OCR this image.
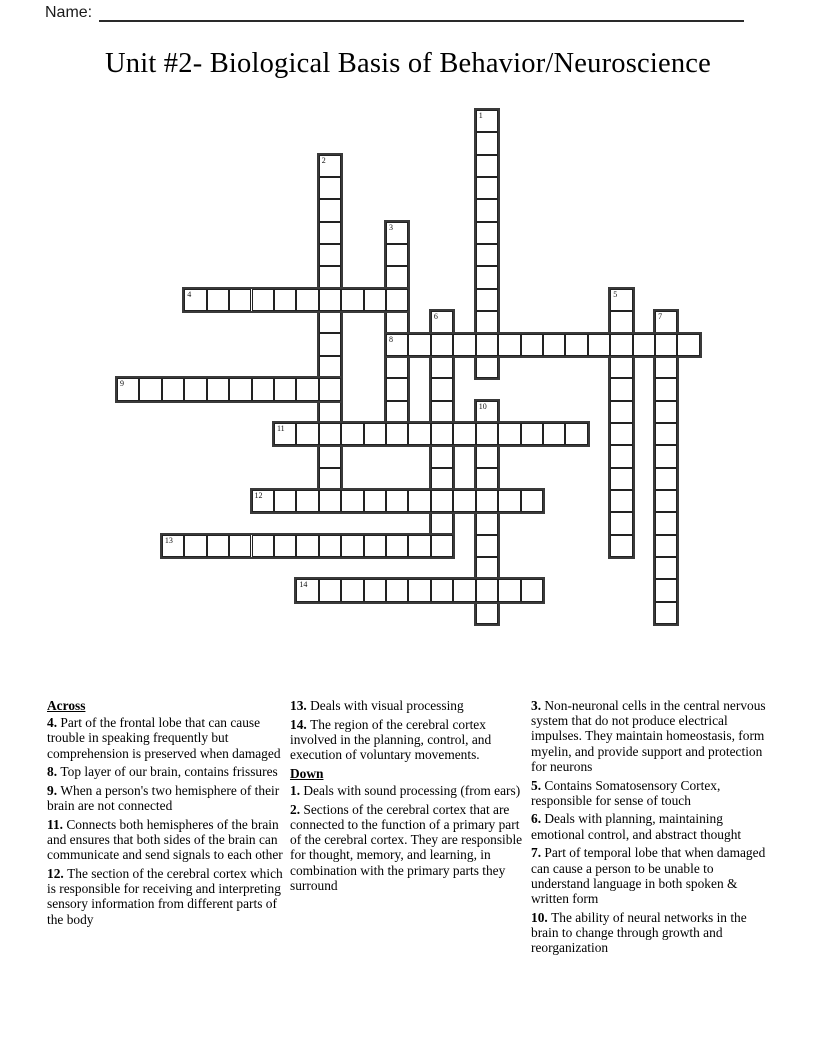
Name:
Unit #2- Biological Basis of Behavior/Neuroscience
1
2
3
4	5
6	7
8
9
10
11
12
13
14
Across
4. Part of the frontal lobe that can cause trouble in speaking frequently but comprehension is preserved when damaged
8. Top layer of our brain, contains frissures
9. When a person's two hemisphere of their brain are not connected
11. Connects both hemispheres of the brain and ensures that both sides of the brain can communicate and send signals to each other
12. The section of the cerebral cortex which is responsible for receiving and interpreting sensory information from different parts of the body
13. Deals with visual processing
14. The region of the cerebral cortex involved in the planning, control, and execution of voluntary movements.
Down
1. Deals with sound processing (from ears)
2. Sections of the cerebral cortex that are connected to the function of a primary part of the cerebral cortex. They are responsible for thought, memory, and learning, in combination with the primary parts they surround
3. Non-neuronal cells in the central nervous system that do not produce electrical impulses. They maintain homeostasis, form myelin, and provide support and protection for neurons
5. Contains Somatosensory Cortex, responsible for sense of touch
6. Deals with planning, maintaining emotional control, and abstract thought
7. Part of temporal lobe that when damaged can cause a person to be unable to understand language in both spoken & written form
10. The ability of neural networks in the brain to change through growth and reorganization
